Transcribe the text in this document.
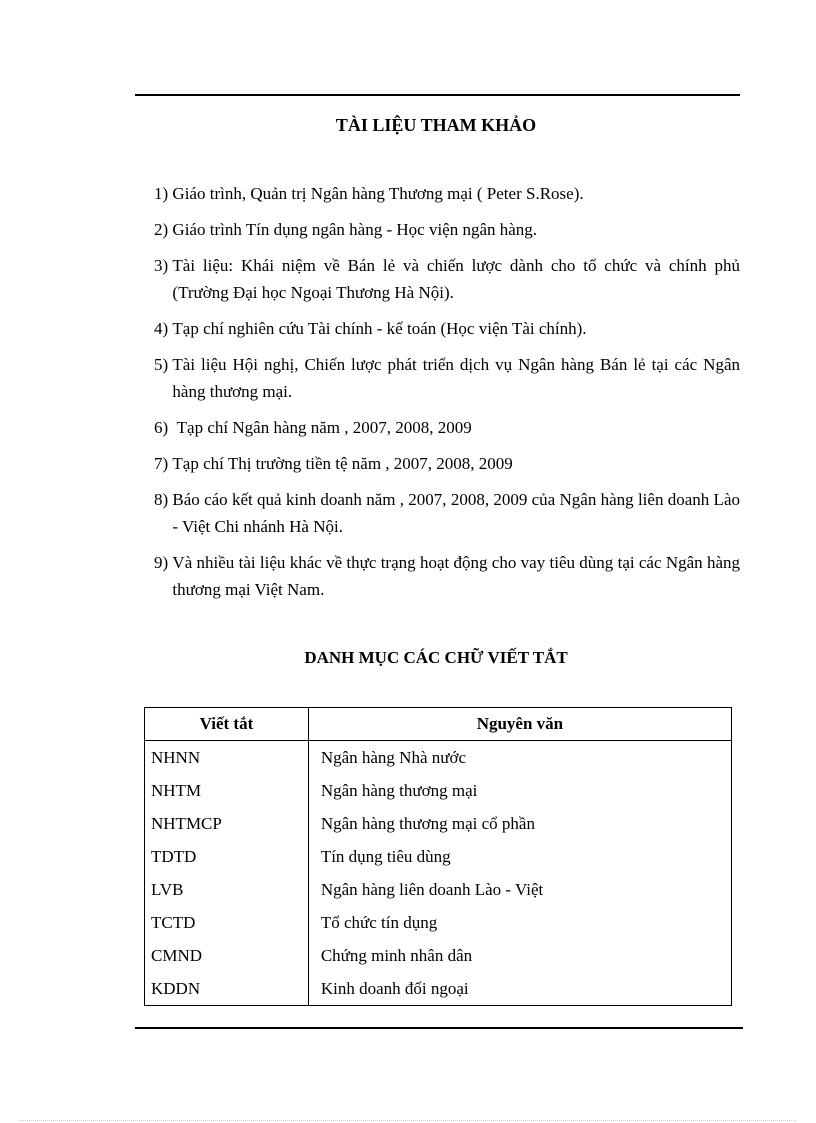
TÀI LIỆU THAM KHẢO
1) Giáo trình, Quản trị Ngân hàng Thương mại ( Peter S.Rose).
2) Giáo trình Tín dụng ngân hàng - Học viện ngân hàng.
3) Tài liệu: Khái niệm về Bán lẻ và chiến lược dành cho tổ chức và chính phủ (Trường Đại học Ngoại Thương Hà Nội).
4) Tạp chí nghiên cứu Tài chính - kế toán (Học viện Tài chính).
5) Tài liệu Hội nghị, Chiến lược phát triển dịch vụ Ngân hàng Bán lẻ tại các Ngân hàng thương mại.
6) Tạp chí Ngân hàng năm , 2007, 2008, 2009
7) Tạp chí Thị trường tiền tệ năm , 2007, 2008, 2009
8) Báo cáo kết quả kinh doanh năm , 2007, 2008, 2009 của Ngân hàng liên doanh Lào - Việt Chi nhánh Hà Nội.
9) Và nhiều tài liệu khác về thực trạng hoạt động cho vay tiêu dùng tại các Ngân hàng thương mại Việt Nam.
DANH MỤC CÁC CHỮ VIẾT TẮT
Viết tắt	Nguyên văn
NHNN	Ngân hàng Nhà nước
NHTM	Ngân hàng thương mại
NHTMCP	Ngân hàng thương mại cổ phần
TDTD	Tín dụng tiêu dùng
LVB	Ngân hàng liên doanh Lào - Việt
TCTD	Tổ chức tín dụng
CMND	Chứng minh nhân dân
KDDN	Kinh doanh đối ngoại
